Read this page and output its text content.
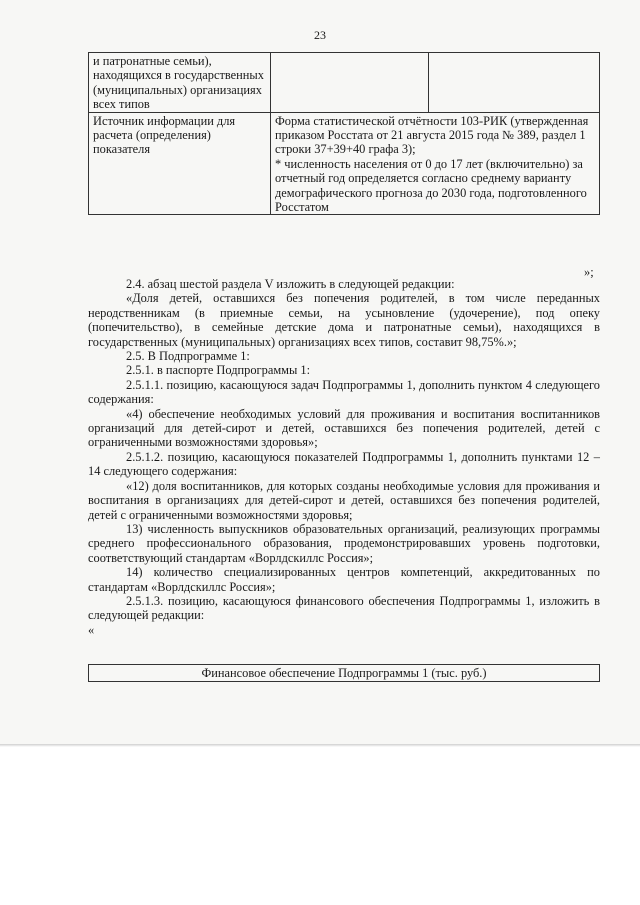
23
и патронатные семьи), находящихся в государственных (муниципальных) организациях всех типов		
Источник информации для расчета (определения) показателя	Форма статистической отчётности 103-РИК (утвержденная приказом Росстата от 21 августа 2015 года № 389, раздел 1 строки 37+39+40 графа 3);
* численность населения от 0 до 17 лет (включительно) за отчетный год определяется согласно среднему варианту демографического прогноза до 2030 года, подготовленного Росстатом	
»;

2.4. абзац шестой раздела V изложить в следующей редакции:

«Доля детей, оставшихся без попечения родителей, в том числе переданных неродственникам (в приемные семьи, на усыновление (удочерение), под опеку (попечительство), в семейные детские дома и патронатные семьи), находящихся в государственных (муниципальных) организациях всех типов, составит 98,75%.»;

2.5. В Подпрограмме 1:

2.5.1. в паспорте Подпрограммы 1:

2.5.1.1. позицию, касающуюся задач Подпрограммы 1, дополнить пунктом 4 следующего содержания:

«4) обеспечение необходимых условий для проживания и воспитания воспитанников организаций для детей-сирот и детей, оставшихся без попечения родителей, детей с ограниченными возможностями здоровья»;

2.5.1.2. позицию, касающуюся показателей Подпрограммы 1, дополнить пунктами 12 – 14 следующего содержания:

«12) доля воспитанников, для которых созданы необходимые условия для проживания и воспитания в организациях для детей-сирот и детей, оставшихся без попечения родителей, детей с ограниченными возможностями здоровья;

13) численность выпускников образовательных организаций, реализующих программы среднего профессионального образования, продемонстрировавших уровень подготовки, соответствующий стандартам «Ворлдскиллс Россия»;

14) количество специализированных центров компетенций, аккредитованных по стандартам «Ворлдскиллс Россия»;

2.5.1.3. позицию, касающуюся финансового обеспечения Подпрограммы 1, изложить в следующей редакции:

«

Финансовое обеспечение Подпрограммы 1 (тыс. руб.)
